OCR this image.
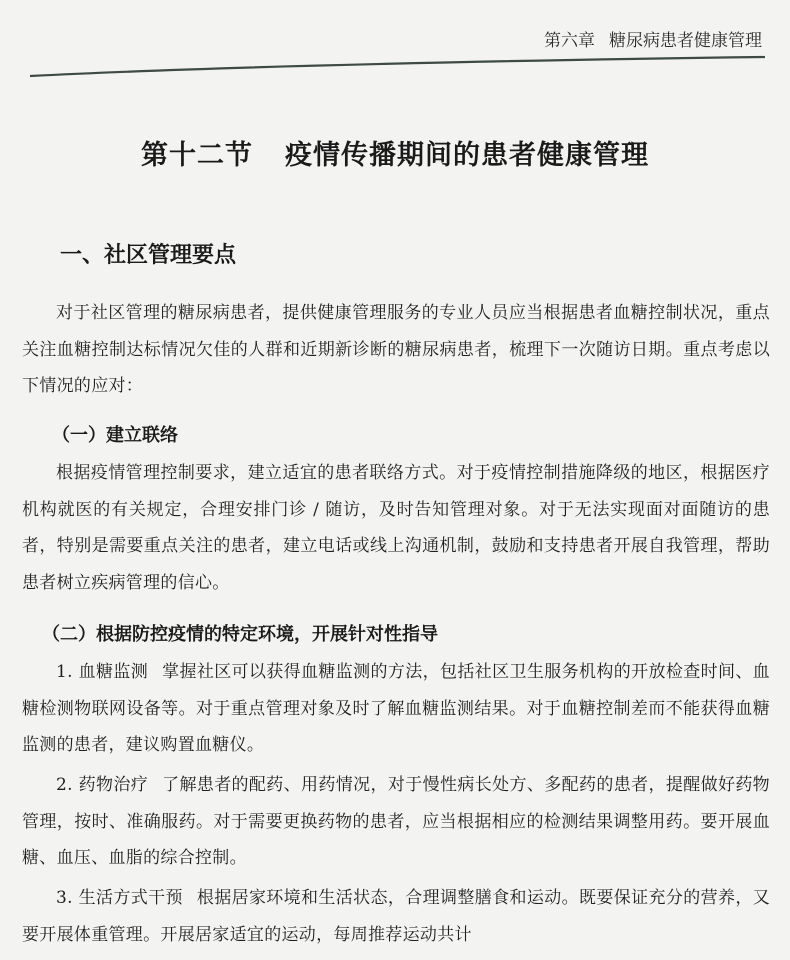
第六章 糖尿病患者健康管理
第十二节 疫情传播期间的患者健康管理
一、社区管理要点
对于社区管理的糖尿病患者，提供健康管理服务的专业人员应当根据患者血糖控制状况，重点关注血糖控制达标情况欠佳的人群和近期新诊断的糖尿病患者，梳理下一次随访日期。重点考虑以下情况的应对：
（一）建立联络
根据疫情管理控制要求，建立适宜的患者联络方式。对于疫情控制措施降级的地区，根据医疗机构就医的有关规定，合理安排门诊 / 随访，及时告知管理对象。对于无法实现面对面随访的患者，特别是需要重点关注的患者，建立电话或线上沟通机制，鼓励和支持患者开展自我管理，帮助患者树立疾病管理的信心。
（二）根据防控疫情的特定环境，开展针对性指导
1. 血糖监测 掌握社区可以获得血糖监测的方法，包括社区卫生服务机构的开放检查时间、血糖检测物联网设备等。对于重点管理对象及时了解血糖监测结果。对于血糖控制差而不能获得血糖监测的患者，建议购置血糖仪。
2. 药物治疗 了解患者的配药、用药情况，对于慢性病长处方、多配药的患者，提醒做好药物管理，按时、准确服药。对于需要更换药物的患者，应当根据相应的检测结果调整用药。要开展血糖、血压、血脂的综合控制。
3. 生活方式干预 根据居家环境和生活状态，合理调整膳食和运动。既要保证充分的营养，又要开展体重管理。开展居家适宜的运动，每周推荐运动共计
